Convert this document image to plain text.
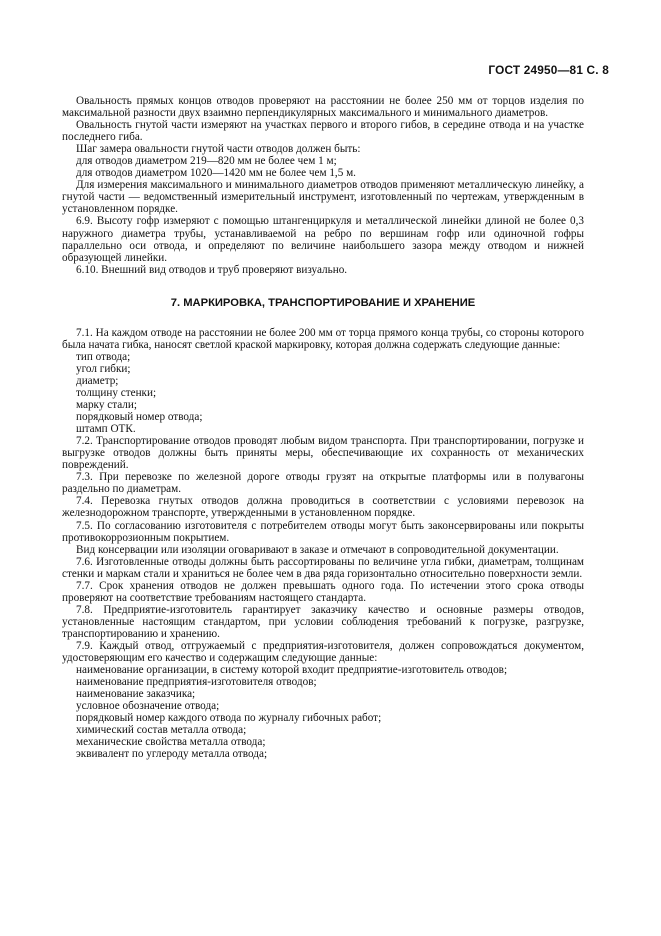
ГОСТ 24950—81 С. 8

Овальность прямых концов отводов проверяют на расстоянии не более 250 мм от торцов изделия по максимальной разности двух взаимно перпендикулярных максимального и минимального диаметров.

Овальность гнутой части измеряют на участках первого и второго гибов, в середине отвода и на участке последнего гиба.

Шаг замера овальности гнутой части отводов должен быть:

для отводов диаметром 219—820 мм не более чем 1 м;

для отводов диаметром 1020—1420 мм не более чем 1,5 м.

Для измерения максимального и минимального диаметров отводов применяют металлическую линейку, а гнутой части — ведомственный измерительный инструмент, изготовленный по чертежам, утвержденным в установленном порядке.

6.9. Высоту гофр измеряют с помощью штангенциркуля и металлической линейки длиной не более 0,3 наружного диаметра трубы, устанавливаемой на ребро по вершинам гофр или одиночной гофры параллельно оси отвода, и определяют по величине наибольшего зазора между отводом и нижней образующей линейки.

6.10. Внешний вид отводов и труб проверяют визуально.

7. МАРКИРОВКА, ТРАНСПОРТИРОВАНИЕ И ХРАНЕНИЕ

7.1. На каждом отводе на расстоянии не более 200 мм от торца прямого конца трубы, со стороны которого была начата гибка, наносят светлой краской маркировку, которая должна содержать следующие данные:

тип отвода;

угол гибки;

диаметр;

толщину стенки;

марку стали;

порядковый номер отвода;

штамп ОТК.

7.2. Транспортирование отводов проводят любым видом транспорта. При транспортировании, погрузке и выгрузке отводов должны быть приняты меры, обеспечивающие их сохранность от механических повреждений.

7.3. При перевозке по железной дороге отводы грузят на открытые платформы или в полувагоны раздельно по диаметрам.

7.4. Перевозка гнутых отводов должна проводиться в соответствии с условиями перевозок на железнодорожном транспорте, утвержденными в установленном порядке.

7.5. По согласованию изготовителя с потребителем отводы могут быть законсервированы или покрыты противокоррозионным покрытием.

Вид консервации или изоляции оговаривают в заказе и отмечают в сопроводительной документации.

7.6. Изготовленные отводы должны быть рассортированы по величине угла гибки, диаметрам, толщинам стенки и маркам стали и храниться не более чем в два ряда горизонтально относительно поверхности земли.

7.7. Срок хранения отводов не должен превышать одного года. По истечении этого срока отводы проверяют на соответствие требованиям настоящего стандарта.

7.8. Предприятие-изготовитель гарантирует заказчику качество и основные размеры отводов, установленные настоящим стандартом, при условии соблюдения требований к погрузке, разгрузке, транспортированию и хранению.

7.9. Каждый отвод, отгружаемый с предприятия-изготовителя, должен сопровождаться документом, удостоверяющим его качество и содержащим следующие данные:

наименование организации, в систему которой входит предприятие-изготовитель отводов;

наименование предприятия-изготовителя отводов;

наименование заказчика;

условное обозначение отвода;

порядковый номер каждого отвода по журналу гибочных работ;

химический состав металла отвода;

механические свойства металла отвода;

эквивалент по углероду металла отвода;
